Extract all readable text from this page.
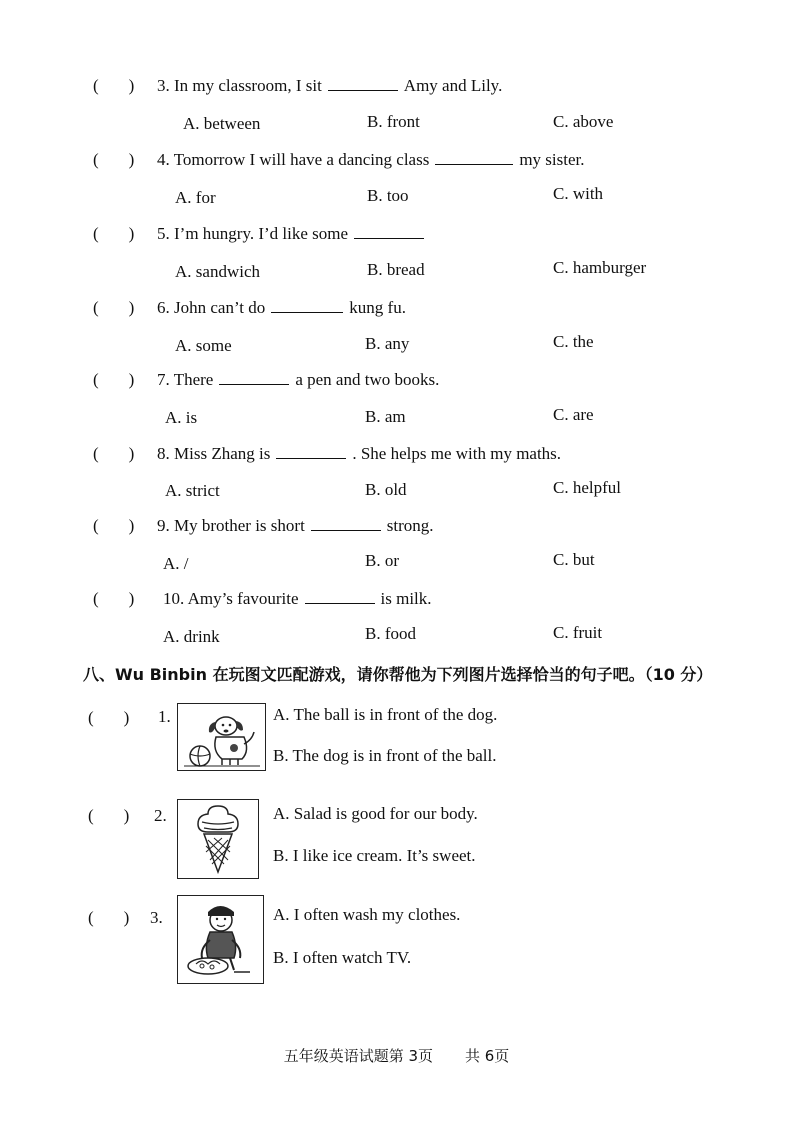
( ) 3. In my classroom, I sit	Amy and Lily.
A. between	B. front	C. above
( ) 4. Tomorrow I will have a dancing class	my sister.
A. for	B. too	C. with
( ) 5. I’m hungry. I’d like some
A. sandwich	B. bread	C. hamburger
( ) 6. John can’t do	kung fu.
A. some	B. any	C. the
( ) 7. There	a pen and two books.
A. is	B. am	C. are
( ) 8. Miss Zhang is	. She helps me with my maths.
A. strict	B. old	C. helpful
( ) 9. My brother is short	strong.
A. /	B. or	C. but
( ) 10. Amy’s favourite	is milk.
A. drink	B. food	C. fruit
八、Wu Binbin 在玩图文匹配游戏，请你帮他为下列图片选择恰当的句子吧。（10 分）
( ) 1.	A. The ball is in front of the dog.
B. The dog is in front of the ball.
( ) 2.	A. Salad is good for our body.
B. I like ice cream. It’s sweet.
( ) 3.	A. I often wash my clothes.
B. I often watch TV.
五年级英语试题第 3页 共 6页
